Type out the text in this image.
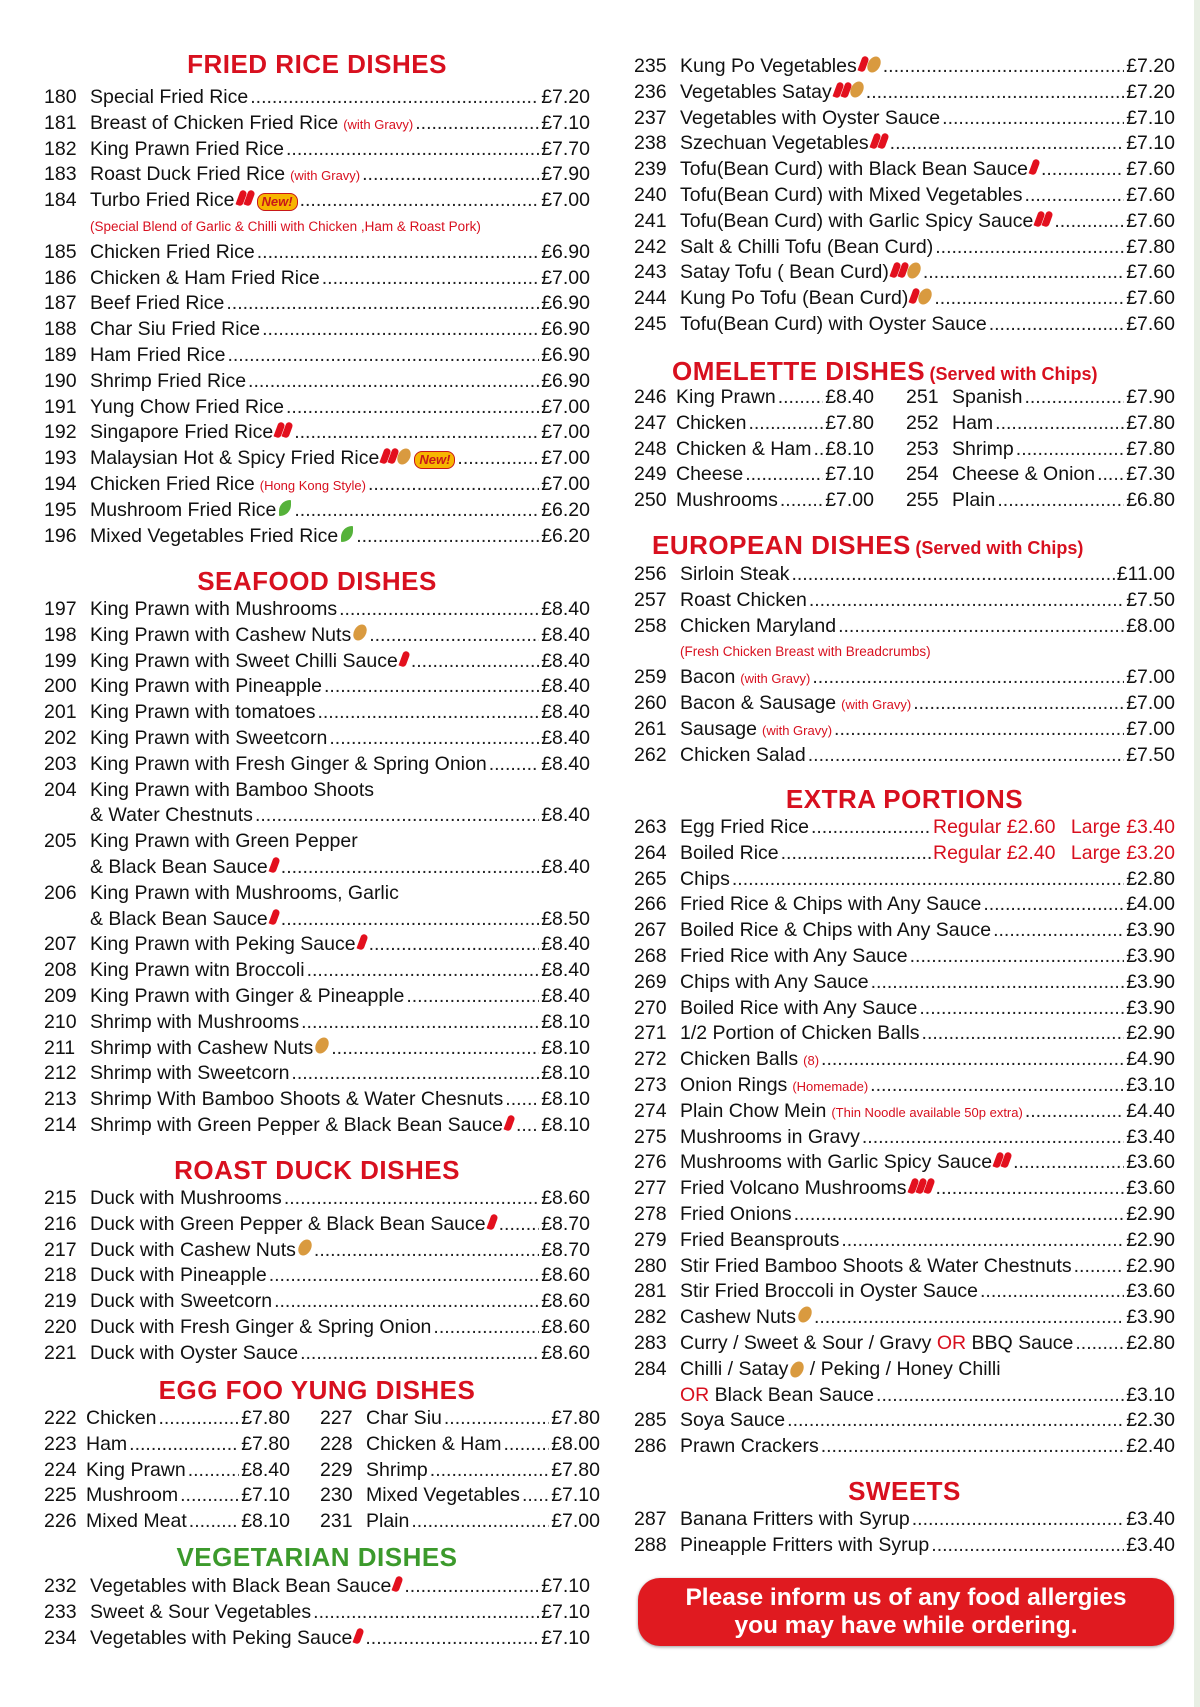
FRIED RICE DISHES
180 Special Fried Rice .....	£7.20
181 Breast of Chicken Fried Rice (with Gravy) .....	£7.10
182 King Prawn Fried Rice .....	£7.70
183 Roast Duck Fried Rice (with Gravy) .....	£7.90
184 Turbo Fried Rice	New! .....	£7.00
(Special Blend of Garlic & Chilli with Chicken ,Ham & Roast Pork)
185 Chicken Fried Rice .....	£6.90
186 Chicken & Ham Fried Rice .....	£7.00
187 Beef Fried Rice .....	£6.90
188 Char Siu Fried Rice .....	£6.90
189 Ham Fried Rice .....	£6.90
190 Shrimp Fried Rice .....	£6.90
191 Yung Chow Fried Rice .....	£7.00
192 Singapore Fried Rice .....	£7.00
193 Malaysian Hot & Spicy Fried Rice	New! .....	£7.00
194 Chicken Fried Rice (Hong Kong Style) .....	£7.00
195 Mushroom Fried Rice .....	£6.20
196 Mixed Vegetables Fried Rice .....	£6.20
SEAFOOD DISHES
197 King Prawn with Mushrooms .....	£8.40
198 King Prawn with Cashew Nuts .....	£8.40
199 King Prawn with Sweet Chilli Sauce .....	£8.40
200 King Prawn with Pineapple .....	£8.40
201 King Prawn with tomatoes .....	£8.40
202 King Prawn with Sweetcorn .....	£8.40
203 King Prawn with Fresh Ginger & Spring Onion .....	£8.40
204 King Prawn with Bamboo Shoots
& Water Chestnuts .....	£8.40
205 King Prawn with Green Pepper
& Black Bean Sauce .....	£8.40
206 King Prawn with Mushrooms, Garlic
& Black Bean Sauce .....	£8.50
207 King Prawn with Peking Sauce .....	£8.40
208 King Prawn witn Broccoli .....	£8.40
209 King Prawn with Ginger & Pineapple .....	£8.40
210 Shrimp with Mushrooms .....	£8.10
211 Shrimp with Cashew Nuts .....	£8.10
212 Shrimp with Sweetcorn .....	£8.10
213 Shrimp With Bamboo Shoots & Water Chesnuts ..... £8.10
214 Shrimp with Green Pepper & Black Bean Sauce ..... £8.10
ROAST DUCK DISHES
215 Duck with Mushrooms .....	£8.60
216 Duck with Green Pepper & Black Bean Sauce .....	£8.70
217 Duck with Cashew Nuts .....	£8.70
218 Duck with Pineapple .....	£8.60
219 Duck with Sweetcorn .....	£8.60
220 Duck with Fresh Ginger & Spring Onion .....	£8.60
221 Duck with Oyster Sauce .....	£8.60
EGG FOO YUNG DISHES
222 Chicken .....	£7.80
223 Ham .....	£7.80
224 King Prawn .....	£8.40
225 Mushroom .....	£7.10
226 Mixed Meat .....	£8.10
227 Char Siu .....	£7.80
228 Chicken & Ham .....	£8.00
229 Shrimp .....	£7.80
230 Mixed Vegetables ..... £7.10
231 Plain .....	£7.00
VEGETARIAN DISHES
232 Vegetables with Black Bean Sauce .....	£7.10
233 Sweet & Sour Vegetables .....	£7.10
234 Vegetables with Peking Sauce .....	£7.10
235 Kung Po Vegetables .....	£7.20
236 Vegetables Satay .....	£7.20
237 Vegetables with Oyster Sauce .....	£7.10
238 Szechuan Vegetables .....	£7.10
239 Tofu(Bean Curd) with Black Bean Sauce .....	£7.60
240 Tofu(Bean Curd) with Mixed Vegetables .....	£7.60
241 Tofu(Bean Curd) with Garlic Spicy Sauce .....	£7.60
242 Salt & Chilli Tofu (Bean Curd) .....	£7.80
243 Satay Tofu ( Bean Curd) .....	£7.60
244 Kung Po Tofu (Bean Curd) .....	£7.60
245 Tofu(Bean Curd) with Oyster Sauce .....	£7.60
OMELETTE DISHES (Served with Chips)
246 King Prawn .....	£8.40
247 Chicken .....	£7.80
248 Chicken & Ham ..... £8.10
249 Cheese .....	£7.10
250 Mushrooms ..... £7.00
251 Spanish .....	£7.90
252 Ham .....	£7.80
253 Shrimp .....	£7.80
254 Cheese & Onion ..... £7.30
255 Plain .....	£6.80
EUROPEAN DISHES (Served with Chips)
256 Sirloin Steak .....	£11.00
257 Roast Chicken .....	£7.50
258 Chicken Maryland .....	£8.00
(Fresh Chicken Breast with Breadcrumbs)
259 Bacon (with Gravy) .....	£7.00
260 Bacon & Sausage (with Gravy) .....	£7.00
261 Sausage (with Gravy) .....	£7.00
262 Chicken Salad .....	£7.50
EXTRA PORTIONS
263 Egg Fried Rice .....	Regular £2.60 Large £3.40
264 Boiled Rice .....	Regular £2.40 Large £3.20
265 Chips .....	£2.80
266 Fried Rice & Chips with Any Sauce .....	£4.00
267 Boiled Rice & Chips with Any Sauce .....	£3.90
268 Fried Rice with Any Sauce .....	£3.90
269 Chips with Any Sauce .....	£3.90
270 Boiled Rice with Any Sauce .....	£3.90
271 1/2 Portion of Chicken Balls .....	£2.90
272 Chicken Balls (8) .....	£4.90
273 Onion Rings (Homemade) .....	£3.10
274 Plain Chow Mein (Thin Noodle available 50p extra) .....	£4.40
275 Mushrooms in Gravy .....	£3.40
276 Mushrooms with Garlic Spicy Sauce .....	£3.60
277 Fried Volcano Mushrooms .....	£3.60
278 Fried Onions .....	£2.90
279 Fried Beansprouts .....	£2.90
280 Stir Fried Bamboo Shoots & Water Chestnuts .....	£2.90
281 Stir Fried Broccoli in Oyster Sauce .....	£3.60
282 Cashew Nuts .....	£3.90
283 Curry / Sweet & Sour / Gravy OR BBQ Sauce .....	£2.80
284 Chilli / Satay
/ Peking / Honey Chilli
OR Black Bean Sauce .....	£3.10
285 Soya Sauce .....	£2.30
286 Prawn Crackers .....	£2.40
SWEETS
287 Banana Fritters with Syrup .....	£3.40
288 Pineapple Fritters with Syrup .....	£3.40
Please inform us of any food allergies
you may have while ordering.
